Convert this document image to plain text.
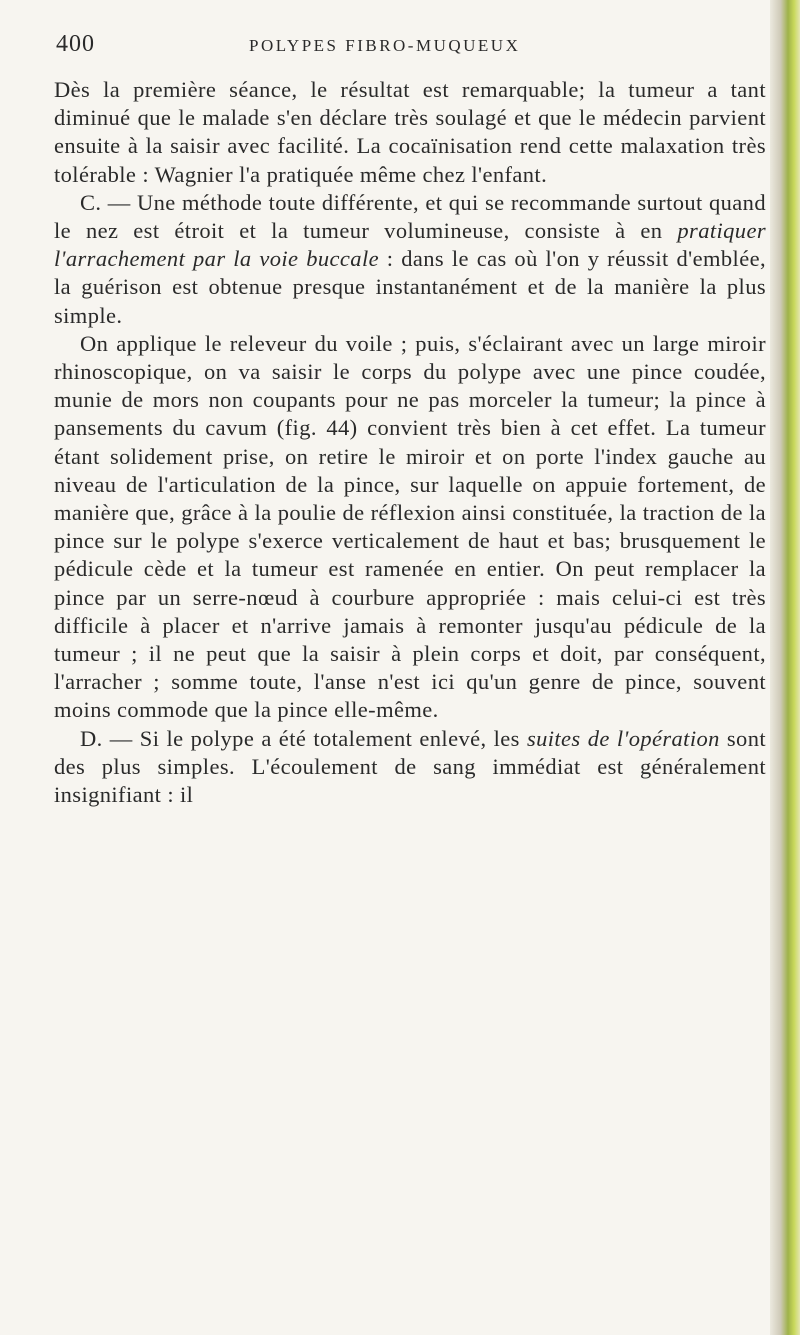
400	POLYPES FIBRO-MUQUEUX

Dès la première séance, le résultat est remarquable; la tumeur a tant diminué que le malade s'en déclare très soulagé et que le médecin parvient ensuite à la saisir avec facilité. La cocaïnisation rend cette malaxation très tolérable : Wagnier l'a pratiquée même chez l'enfant.

C. — Une méthode toute différente, et qui se recommande surtout quand le nez est étroit et la tumeur volumineuse, consiste à en pratiquer l'arrachement par la voie buccale : dans le cas où l'on y réussit d'emblée, la guérison est obtenue presque instantanément et de la manière la plus simple.

On applique le releveur du voile ; puis, s'éclairant avec un large miroir rhinoscopique, on va saisir le corps du polype avec une pince coudée, munie de mors non coupants pour ne pas morceler la tumeur; la pince à pansements du cavum (fig. 44) convient très bien à cet effet. La tumeur étant solidement prise, on retire le miroir et on porte l'index gauche au niveau de l'articulation de la pince, sur laquelle on appuie fortement, de manière que, grâce à la poulie de réflexion ainsi constituée, la traction de la pince sur le polype s'exerce verticalement de haut et bas; brusquement le pédicule cède et la tumeur est ramenée en entier. On peut remplacer la pince par un serre-nœud à courbure appropriée : mais celui-ci est très difficile à placer et n'arrive jamais à remonter jusqu'au pédicule de la tumeur ; il ne peut que la saisir à plein corps et doit, par conséquent, l'arracher ; somme toute, l'anse n'est ici qu'un genre de pince, souvent moins commode que la pince elle-même.

D. — Si le polype a été totalement enlevé, les suites de l'opération sont des plus simples. L'écoulement de sang immédiat est généralement insignifiant : il
